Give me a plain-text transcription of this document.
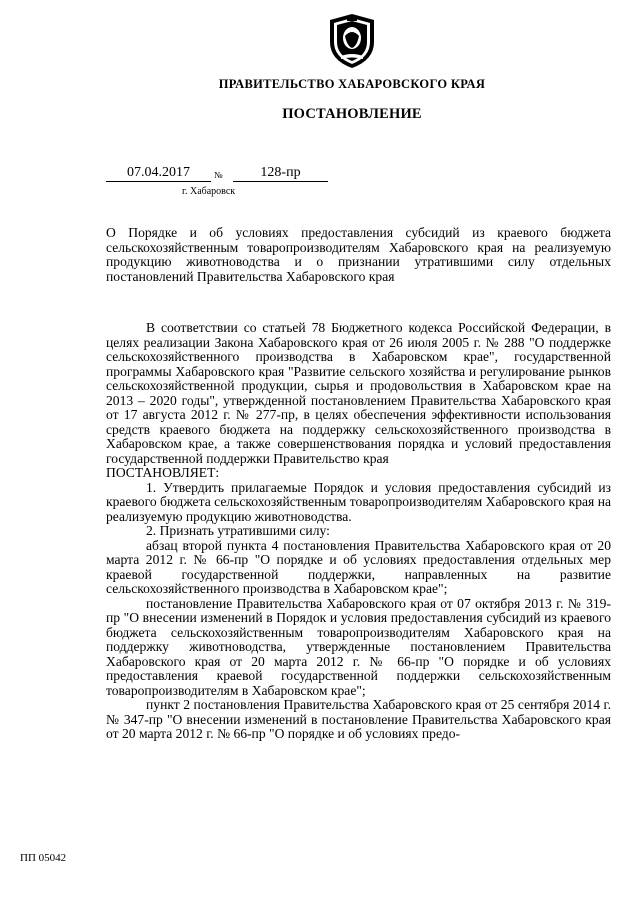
ПРАВИТЕЛЬСТВО ХАБАРОВСКОГО КРАЯ
ПОСТАНОВЛЕНИЕ
07.04.2017	№	128-пр
г. Хабаровск
О Порядке и об условиях предоставления субсидий из краевого бюджета сельскохозяйственным товаропроизводителям Хабаровского края на реализуемую продукцию животноводства и о признании утратившими силу отдельных постановлений Правительства Хабаровского края

В соответствии со статьей 78 Бюджетного кодекса Российской Федерации, в целях реализации Закона Хабаровского края от 26 июля 2005 г. № 288 "О поддержке сельскохозяйственного производства в Хабаровском крае", государственной программы Хабаровского края "Развитие сельского хозяйства и регулирование рынков сельскохозяйственной продукции, сырья и продовольствия в Хабаровском крае на 2013 – 2020 годы", утвержденной постановлением Правительства Хабаровского края от 17 августа 2012 г. № 277-пр, в целях обеспечения эффективности использования средств краевого бюджета на поддержку сельскохозяйственного производства в Хабаровском крае, а также совершенствования порядка и условий предоставления государственной поддержки Правительство края

ПОСТАНОВЛЯЕТ:

1. Утвердить прилагаемые Порядок и условия предоставления субсидий из краевого бюджета сельскохозяйственным товаропроизводителям Хабаровского края на реализуемую продукцию животноводства.

2. Признать утратившими силу:

абзац второй пункта 4 постановления Правительства Хабаровского края от 20 марта 2012 г. № 66-пр "О порядке и об условиях предоставления отдельных мер краевой государственной поддержки, направленных на развитие сельскохозяйственного производства в Хабаровском крае";

постановление Правительства Хабаровского края от 07 октября 2013 г. № 319-пр "О внесении изменений в Порядок и условия предоставления субсидий из краевого бюджета сельскохозяйственным товаропроизводителям Хабаровского края на поддержку животноводства, утвержденные постановлением Правительства Хабаровского края от 20 марта 2012 г. № 66-пр "О порядке и об условиях предоставления краевой государственной поддержки сельскохозяйственным товаропроизводителям в Хабаровском крае";

пункт 2 постановления Правительства Хабаровского края от 25 сентября 2014 г. № 347-пр "О внесении изменений в постановление Правительства Хабаровского края от 20 марта 2012 г. № 66-пр "О порядке и об условиях предо-

ПП 05042
